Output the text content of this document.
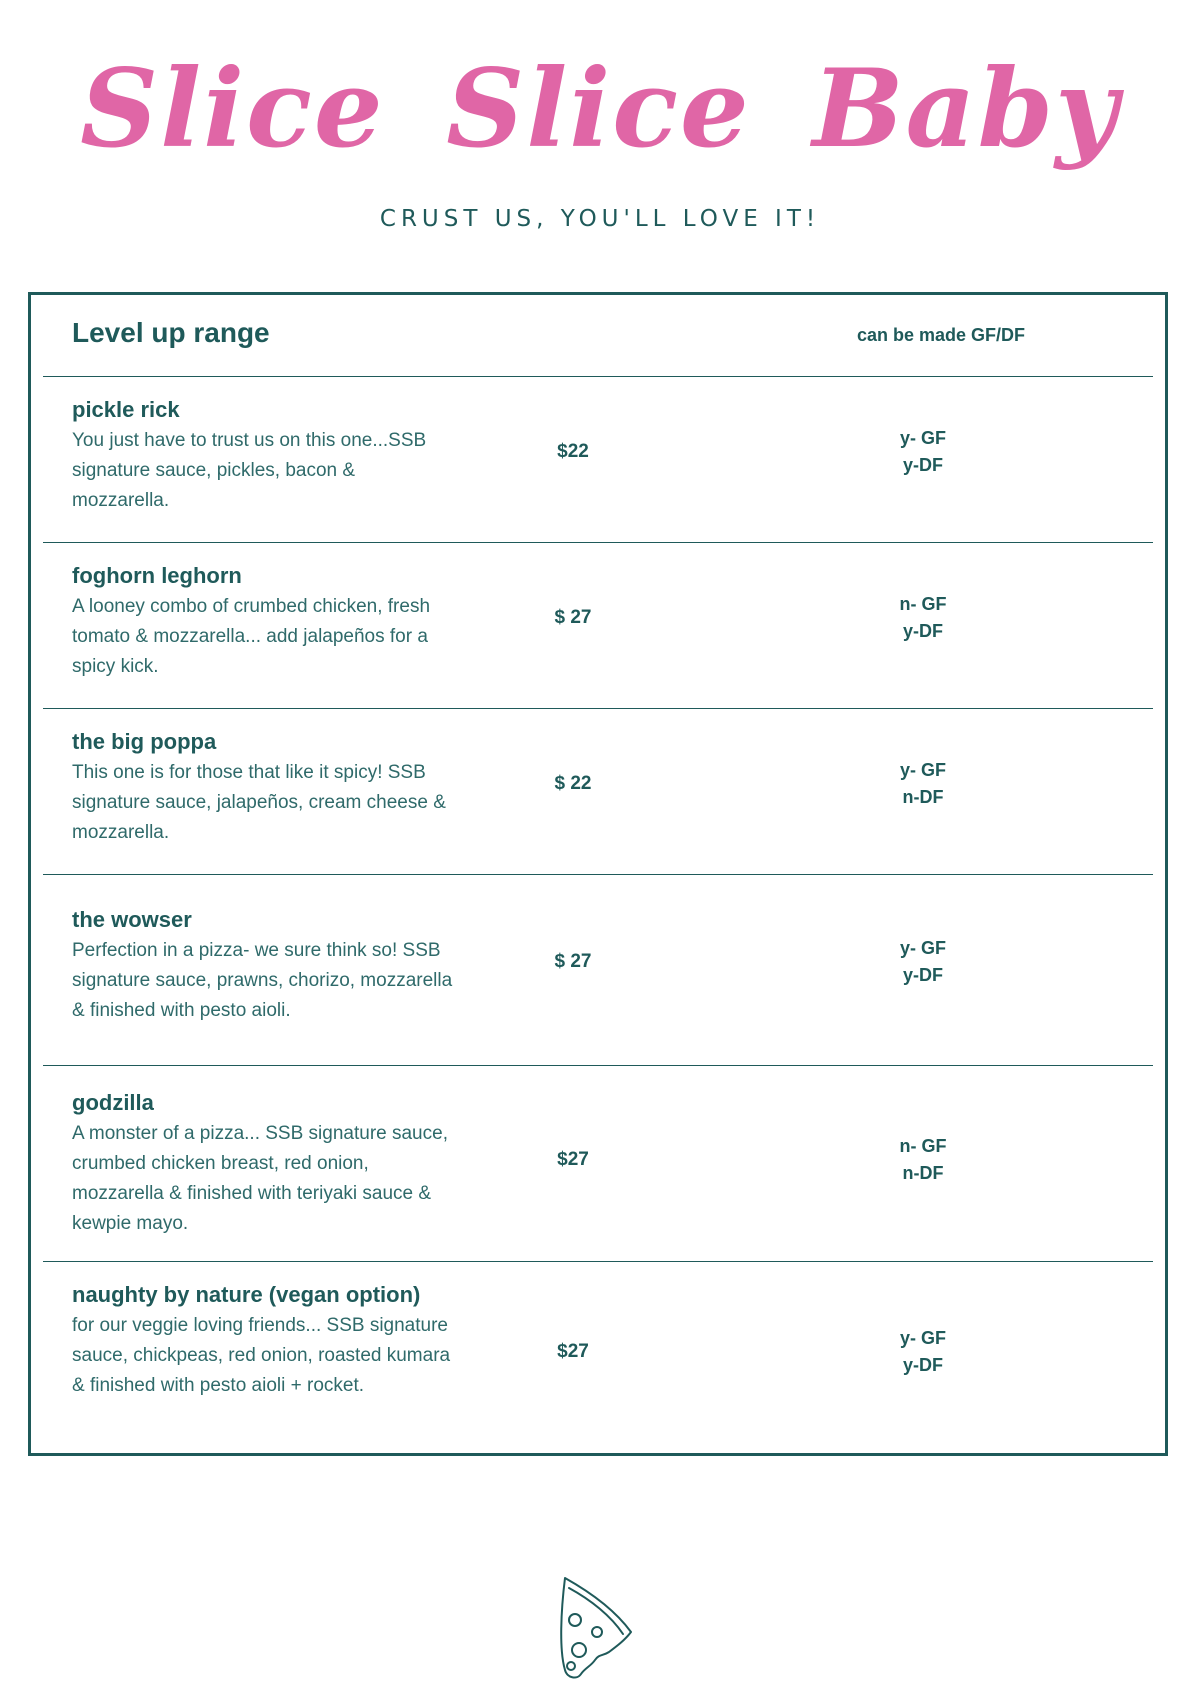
Slice Slice Baby
CRUST US, YOU'LL LOVE IT!
Level up range	can be made GF/DF
pickle rick
You just have to trust us on this one...SSB signature sauce, pickles, bacon & mozzarella.
$22
y- GF
y-DF
foghorn leghorn
A looney combo of crumbed chicken, fresh tomato & mozzarella... add jalapeños for a spicy kick.
$ 27
n- GF
y-DF
the big poppa
This one is for those that like it spicy! SSB signature sauce, jalapeños, cream cheese & mozzarella.
$ 22
y- GF
n-DF
the wowser
Perfection in a pizza- we sure think so! SSB signature sauce, prawns, chorizo, mozzarella & finished with pesto aioli.
$ 27
y- GF
y-DF
godzilla
A monster of a pizza... SSB signature sauce, crumbed chicken breast, red onion, mozzarella & finished with teriyaki sauce & kewpie mayo.
$27
n- GF
n-DF
naughty by nature (vegan option)
for our veggie loving friends... SSB signature sauce, chickpeas, red onion, roasted kumara & finished with pesto aioli + rocket.
$27
y- GF
y-DF
